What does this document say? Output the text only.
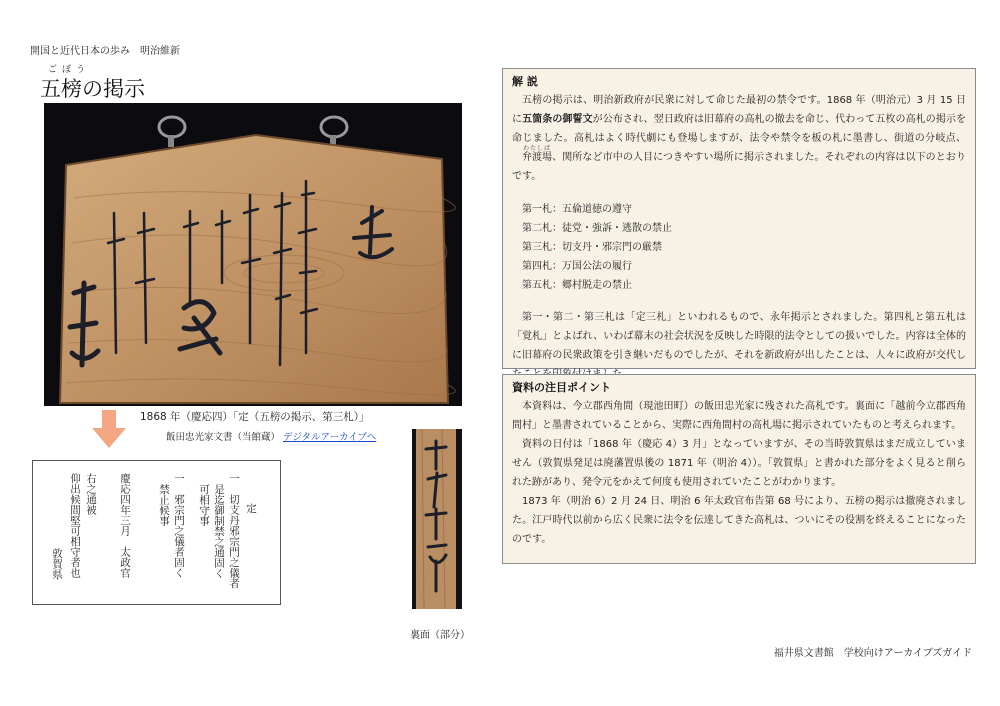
開国と近代日本の歩み　明治維新
ごぼう
五榜の掲示
1868 年（慶応四）「定（五榜の掲示、第三札）」
飯田忠光家文書（当館蔵） デジタルアーカイブへ
定
一　切支丹邪宗門之儀者
是迄御制禁之通固く
可相守事
一　邪宗門之儀者固く
禁止候事
慶応四年三月　太政官
右之通被
仰出候間堅可相守者也
敦賀県
裏面（部分）
解 説

五榜の掲示は、明治新政府が民衆に対して命じた最初の禁令です。1868 年（明治元）3 月 15 日に五箇条の御誓文が公布され、翌日政府は旧幕府の高札の撤去を命じ、代わって五枚の高札の掲示を命じました。高札はよく時代劇にも登場しますが、法令や禁令を板の札に墨書し、街道の分岐点、
わたしば
弁渡場、関所など市中の人目につきやすい場所に掲示されました。それぞれの内容は以下のとおりです。

第一札：五倫道徳の遵守
第二札：徒党・強訴・逃散の禁止
第三札：切支丹・邪宗門の厳禁
第四札：万国公法の履行
第五札：郷村脱走の禁止

第一・第二・第三札は「定三札」といわれるもので、永年掲示とされました。第四札と第五札は「覚札」とよばれ、いわば幕末の社会状況を反映した時限的法令としての扱いでした。内容は全体的に旧幕府の民衆政策を引き継いだものでしたが、それを新政府が出したことは、人々に政府が交代し

資料の注目ポイント

本資料は、今立郡西角間（現池田町）の飯田忠光家に残された高札です。裏面に「越前今立郡西角間村」と墨書されていることから、実際に西角間村の高札場に掲示されていたものと考えられます。

資料の日付は「1868 年（慶応 4）3 月」となっていますが、その当時敦賀県はまだ成立していません（敦賀県発足は廃藩置県後の 1871 年（明治 4））。「敦賀県」と書かれた部分をよく見ると削られた跡があり、発令元をかえて何度も使用されていたことがわかります。

1873 年（明治 6）2 月 24 日、明治 6 年太政官布告第 68 号により、五榜の掲示は撤廃されました。江戸時代以前から広く民衆に法令を伝達してきた高札は、ついにその役割を終えることになったのです。

福井県文書館　学校向けアーカイブズガイド
